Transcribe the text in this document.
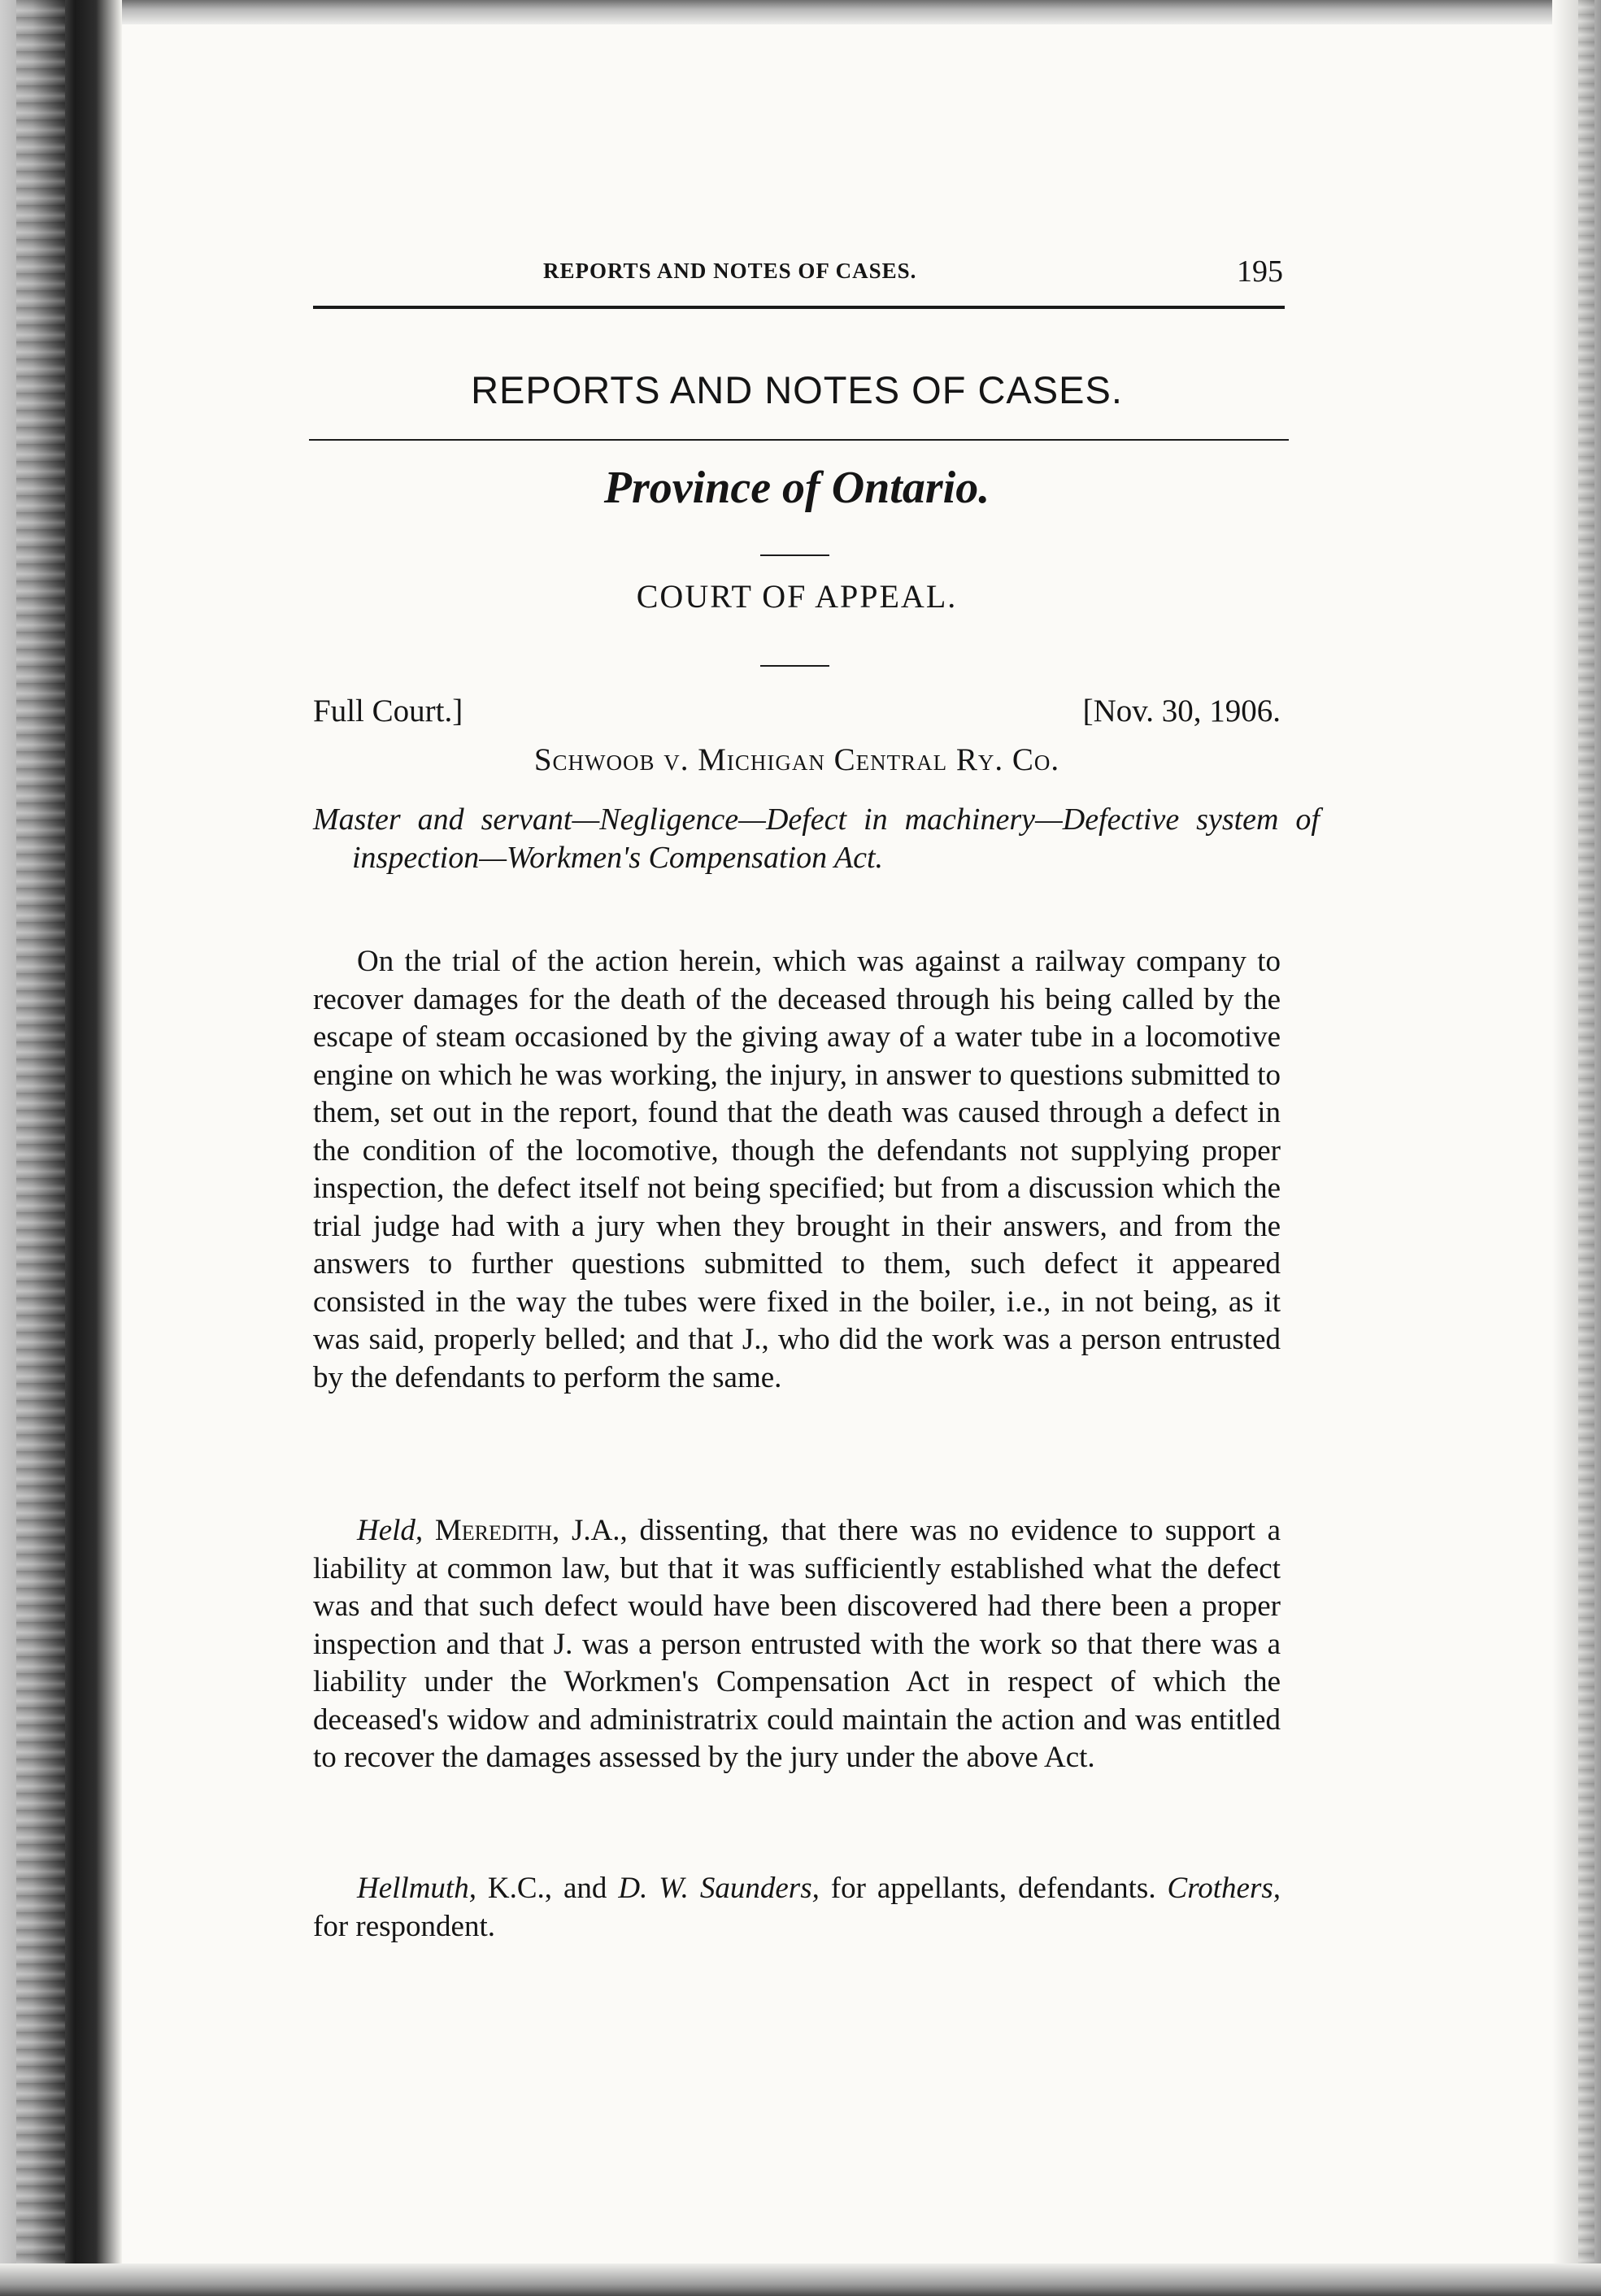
REPORTS AND NOTES OF CASES.	195
REPORTS AND NOTES OF CASES.
Province of Ontario.
COURT OF APPEAL.
Full Court.]	[Nov. 30, 1906.
Schwoob v. Michigan Central Ry. Co.
Master and servant—Negligence—Defect in machinery—Defective system of inspection—Workmen's Compensation Act.

On the trial of the action herein, which was against a railway company to recover damages for the death of the deceased through his being called by the escape of steam occasioned by the giving away of a water tube in a locomotive engine on which he was working, the injury, in answer to questions submitted to them, set out in the report, found that the death was caused through a defect in the condition of the locomotive, though the defendants not supplying proper inspection, the defect itself not being specified; but from a discussion which the trial judge had with a jury when they brought in their answers, and from the answers to further questions submitted to them, such defect it appeared consisted in the way the tubes were fixed in the boiler, i.e., in not being, as it was said, properly belled; and that J., who did the work was a person entrusted by the defendants to perform the same.

Held, Meredith, J.A., dissenting, that there was no evidence to support a liability at common law, but that it was sufficiently established what the defect was and that such defect would have been discovered had there been a proper inspection and that J. was a person entrusted with the work so that there was a liability under the Workmen's Compensation Act in respect of which the deceased's widow and administratrix could maintain the action and was entitled to recover the damages assessed by the jury under the above Act.

Hellmuth, K.C., and D. W. Saunders, for appellants, defendants. Crothers, for respondent.
